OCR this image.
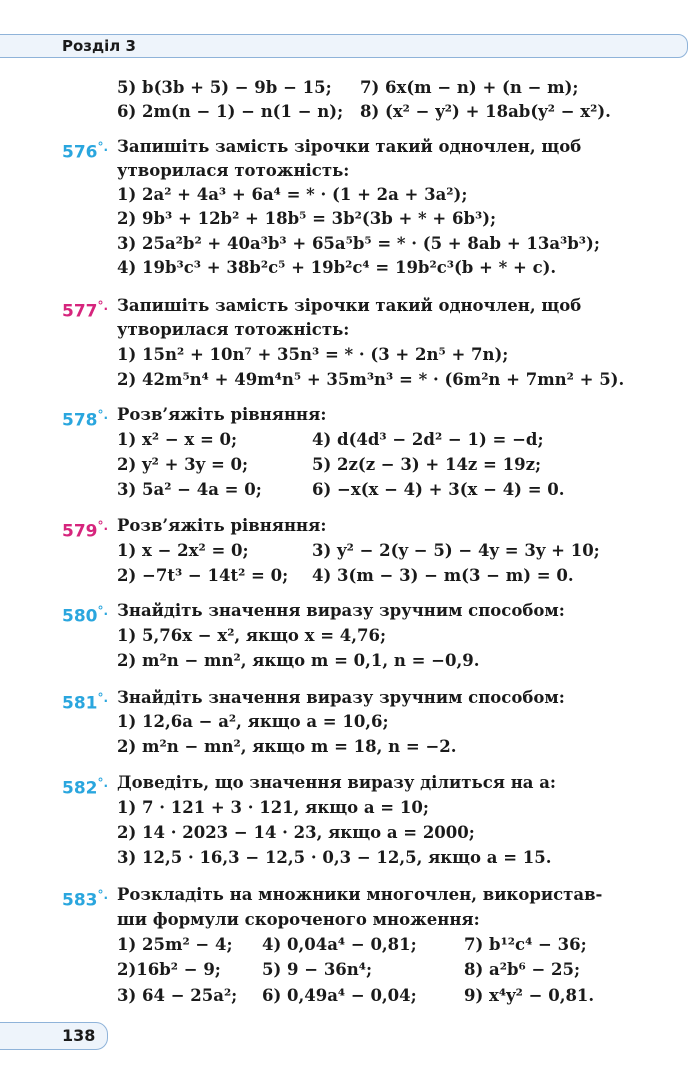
Розділ 3
5) b(3b + 5) − 9b − 15; 7) 6x(m − n) + (n − m);
6) 2m(n − 1) − n(1 − n); 8) (x² − y²) + 18ab(y² − x²).
576°. Запишіть замість зірочки такий одночлен, щоб
утворилася тотожність:
1) 2a² + 4a³ + 6a⁴ = * · (1 + 2a + 3a²);
2) 9b³ + 12b² + 18b⁵ = 3b²(3b + * + 6b³);
3) 25a²b² + 40a³b³ + 65a⁵b⁵ = * · (5 + 8ab + 13a³b³);
4) 19b³c³ + 38b²c⁵ + 19b²c⁴ = 19b²c³(b + * + c).
577°. Запишіть замість зірочки такий одночлен, щоб
утворилася тотожність:
1) 15n² + 10n⁷ + 35n³ = * · (3 + 2n⁵ + 7n);
2) 42m⁵n⁴ + 49m⁴n⁵ + 35m³n³ = * · (6m²n + 7mn² + 5).
578°. Розв’яжіть рівняння:
1) x² − x = 0;	4) d(4d³ − 2d² − 1) = −d;
2) y² + 3y = 0;	5) 2z(z − 3) + 14z = 19z;
3) 5a² − 4a = 0;	6) −x(x − 4) + 3(x − 4) = 0.
579°. Розв’яжіть рівняння:
1) x − 2x² = 0;	3) y² − 2(y − 5) − 4y = 3y + 10;
2) −7t³ − 14t² = 0; 4) 3(m − 3) − m(3 − m) = 0.
580°. Знайдіть значення виразу зручним способом:
1) 5,76x − x², якщо x = 4,76;
2) m²n − mn², якщо m = 0,1, n = −0,9.
581°. Знайдіть значення виразу зручним способом:
1) 12,6a − a², якщо a = 10,6;
2) m²n − mn², якщо m = 18, n = −2.
582°. Доведіть, що значення виразу ділиться на a:
1) 7 · 121 + 3 · 121, якщо a = 10;
2) 14 · 2023 − 14 · 23, якщо a = 2000;
3) 12,5 · 16,3 − 12,5 · 0,3 − 12,5, якщо a = 15.
583°. Розкладіть на множники многочлен, використав-
ши формули скороченого множення:
1) 25m² − 4; 4) 0,04a⁴ − 0,81;	7) b¹²c⁴ − 36;
2)16b² − 9; 5) 9 − 36n⁴;	8) a²b⁶ − 25;
3) 64 − 25a²; 6) 0,49a⁴ − 0,04;	9) x⁴y² − 0,81.
138
